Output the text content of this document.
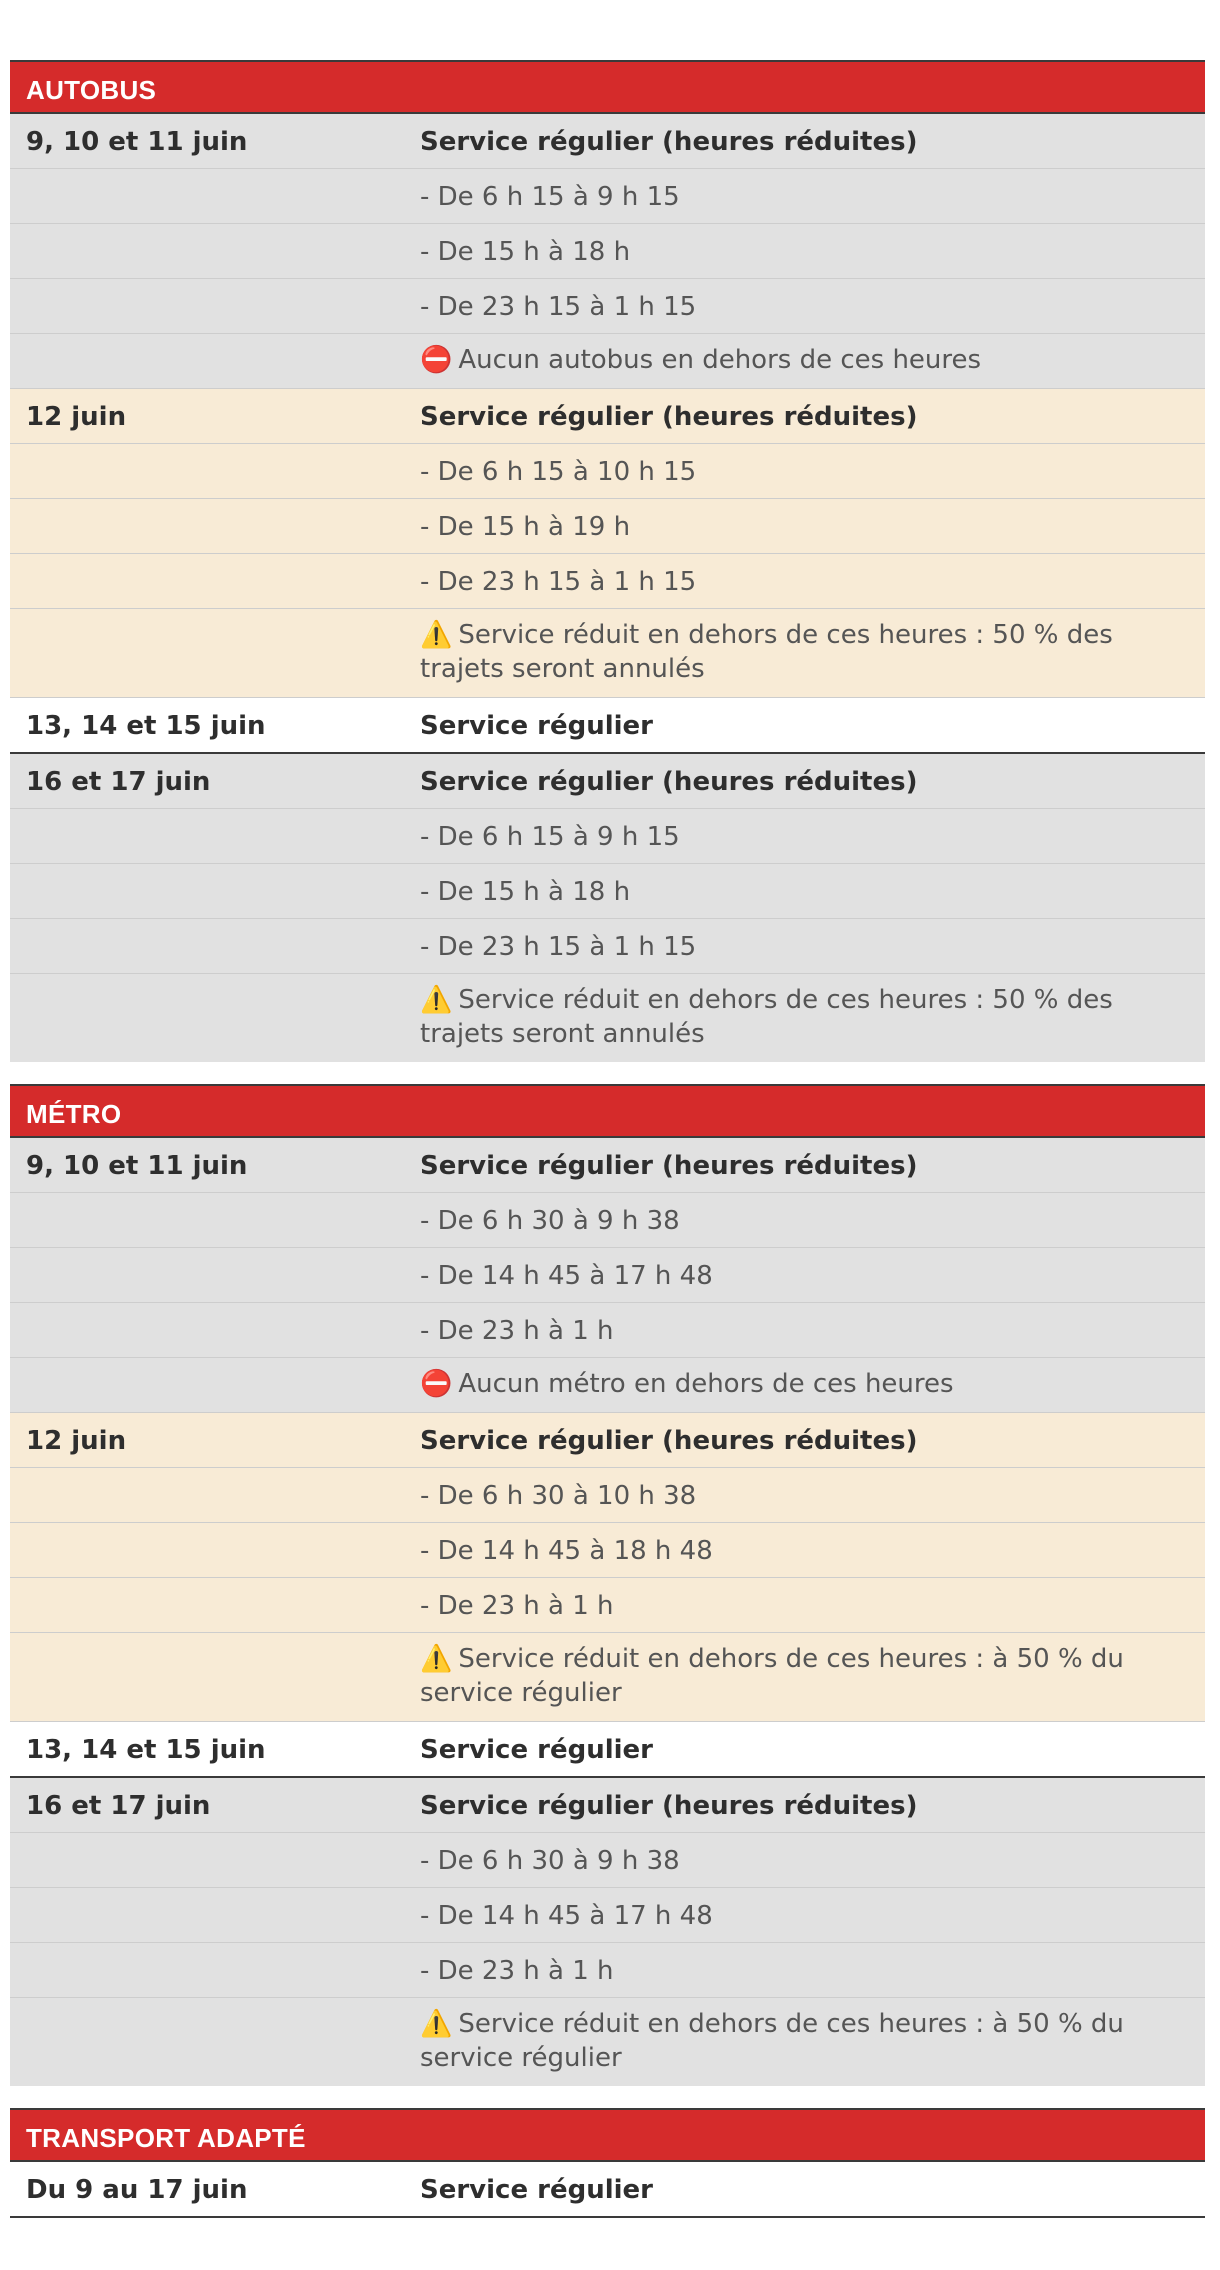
AUTOBUS
9, 10 et 11 juin	Service régulier (heures réduites)
- De 6 h 15 à 9 h 15
- De 15 h à 18 h
- De 23 h 15 à 1 h 15
⛔ Aucun autobus en dehors de ces heures
12 juin	Service régulier (heures réduites)
- De 6 h 15 à 10 h 15
- De 15 h à 19 h
- De 23 h 15 à 1 h 15
⚠️ Service réduit en dehors de ces heures : 50 % des trajets seront annulés
13, 14 et 15 juin	Service régulier
16 et 17 juin	Service régulier (heures réduites)
- De 6 h 15 à 9 h 15
- De 15 h à 18 h
- De 23 h 15 à 1 h 15
⚠️ Service réduit en dehors de ces heures : 50 % des trajets seront annulés
MÉTRO
9, 10 et 11 juin	Service régulier (heures réduites)
- De 6 h 30 à 9 h 38
- De 14 h 45 à 17 h 48
- De 23 h à 1 h
⛔ Aucun métro en dehors de ces heures
12 juin	Service régulier (heures réduites)
- De 6 h 30 à 10 h 38
- De 14 h 45 à 18 h 48
- De 23 h à 1 h
⚠️ Service réduit en dehors de ces heures : à 50 % du service régulier
13, 14 et 15 juin	Service régulier
16 et 17 juin	Service régulier (heures réduites)
- De 6 h 30 à 9 h 38
- De 14 h 45 à 17 h 48
- De 23 h à 1 h
⚠️ Service réduit en dehors de ces heures : à 50 % du service régulier
TRANSPORT ADAPTÉ
Du 9 au 17 juin	Service régulier
